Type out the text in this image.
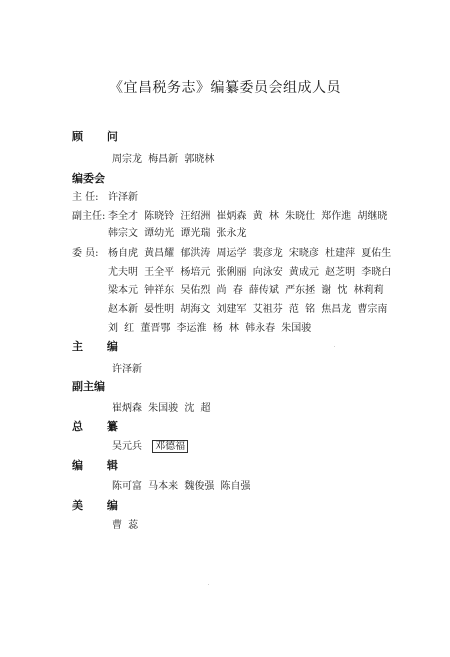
《宜昌税务志》编纂委员会组成人员
顾 问
周宗龙 梅昌新 郭晓林
编委会
主 任: 许泽新
副主任: 李全才 陈晓铃 汪绍洲 崔炳森 黄 林 朱晓仕 郑作進 胡继晓
韩宗文 谭幼光 谭光瑞 张永龙
委 员: 杨自虎 黄昌耀 郁洪涛 周运学 裴彦龙 宋晓彦 杜建萍 夏佑生
尤夫明 王全平 杨培元 张俐丽 向泳安 黄成元 赵芝明 李晓白
梁本元 钟祥东 吴佑烈 尚 春 薛传斌 严东拯 谢 忱 林莉莉
赵本新 晏性明 胡海文 刘建军 艾祖芬 范 铭 焦昌龙 曹宗南
刘 红 董晋鄂 李运淮 杨 林 韩永春 朱国骏
主 编
许泽新
副主编
崔炳森 朱国骏 沈 超
总 纂
吴元兵 邓德福
编 辑
陈可富 马本来 魏俊强 陈自强
美 编
曹 蕊
